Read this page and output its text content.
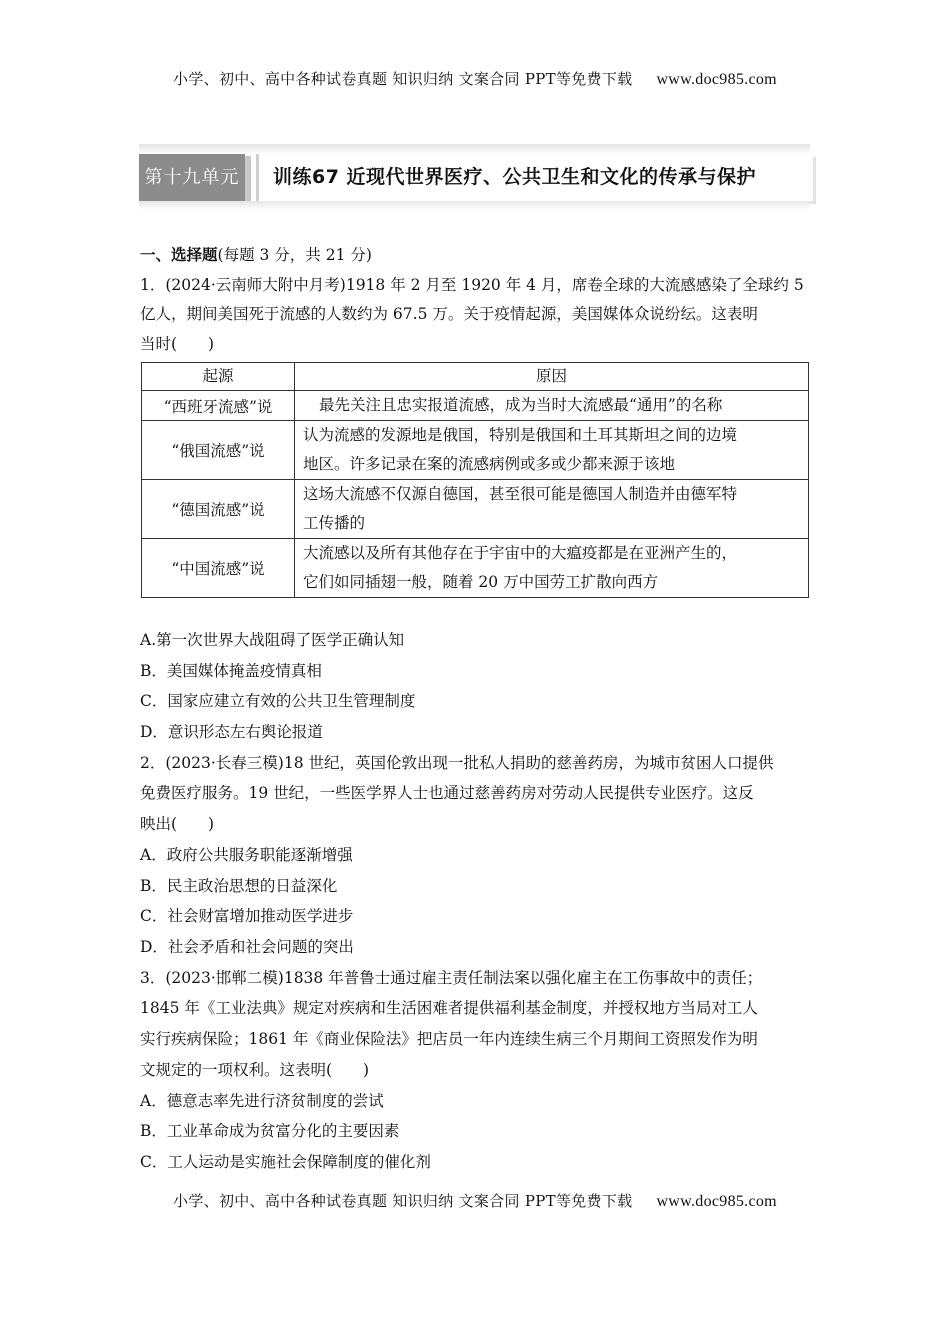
小学、初中、高中各种试卷真题 知识归纳 文案合同 PPT等免费下载 www.doc985.com
第十九单元 训练67 近现代世界医疗、公共卫生和文化的传承与保护
一、选择题(每题 3 分，共 21 分)
1．(2024·云南师大附中月考)1918 年 2 月至 1920 年 4 月，席卷全球的大流感感染了全球约 5
亿人，期间美国死于流感的人数约为 67.5 万。关于疫情起源，美国媒体众说纷纭。这表明
当时(　　)
起源	原因
“西班牙流感”说	最先关注且忠实报道流感，成为当时大流感最“通用”的名称
“俄国流感”说	认为流感的发源地是俄国，特别是俄国和土耳其斯坦之间的边境
地区。许多记录在案的流感病例或多或少都来源于该地

“德国流感”说	这场大流感不仅源自德国，甚至很可能是德国人制造并由德军特
工传播的

“中国流感”说	大流感以及所有其他存在于宇宙中的大瘟疫都是在亚洲产生的，
它们如同插翅一般，随着 20 万中国劳工扩散向西方
A.第一次世界大战阻碍了医学正确认知
B．美国媒体掩盖疫情真相
C．国家应建立有效的公共卫生管理制度
D．意识形态左右舆论报道
2．(2023·长春三模)18 世纪，英国伦敦出现一批私人捐助的慈善药房，为城市贫困人口提供
免费医疗服务。19 世纪，一些医学界人士也通过慈善药房对劳动人民提供专业医疗。这反
映出(　　)
A．政府公共服务职能逐渐增强
B．民主政治思想的日益深化
C．社会财富增加推动医学进步
D．社会矛盾和社会问题的突出
3．(2023·邯郸二模)1838 年普鲁士通过雇主责任制法案以强化雇主在工伤事故中的责任；
1845 年《工业法典》规定对疾病和生活困难者提供福利基金制度，并授权地方当局对工人
实行疾病保险；1861 年《商业保险法》把店员一年内连续生病三个月期间工资照发作为明
文规定的一项权利。这表明(　　)
A．德意志率先进行济贫制度的尝试
B．工业革命成为贫富分化的主要因素
C．工人运动是实施社会保障制度的催化剂
小学、初中、高中各种试卷真题 知识归纳 文案合同 PPT等免费下载 www.doc985.com
